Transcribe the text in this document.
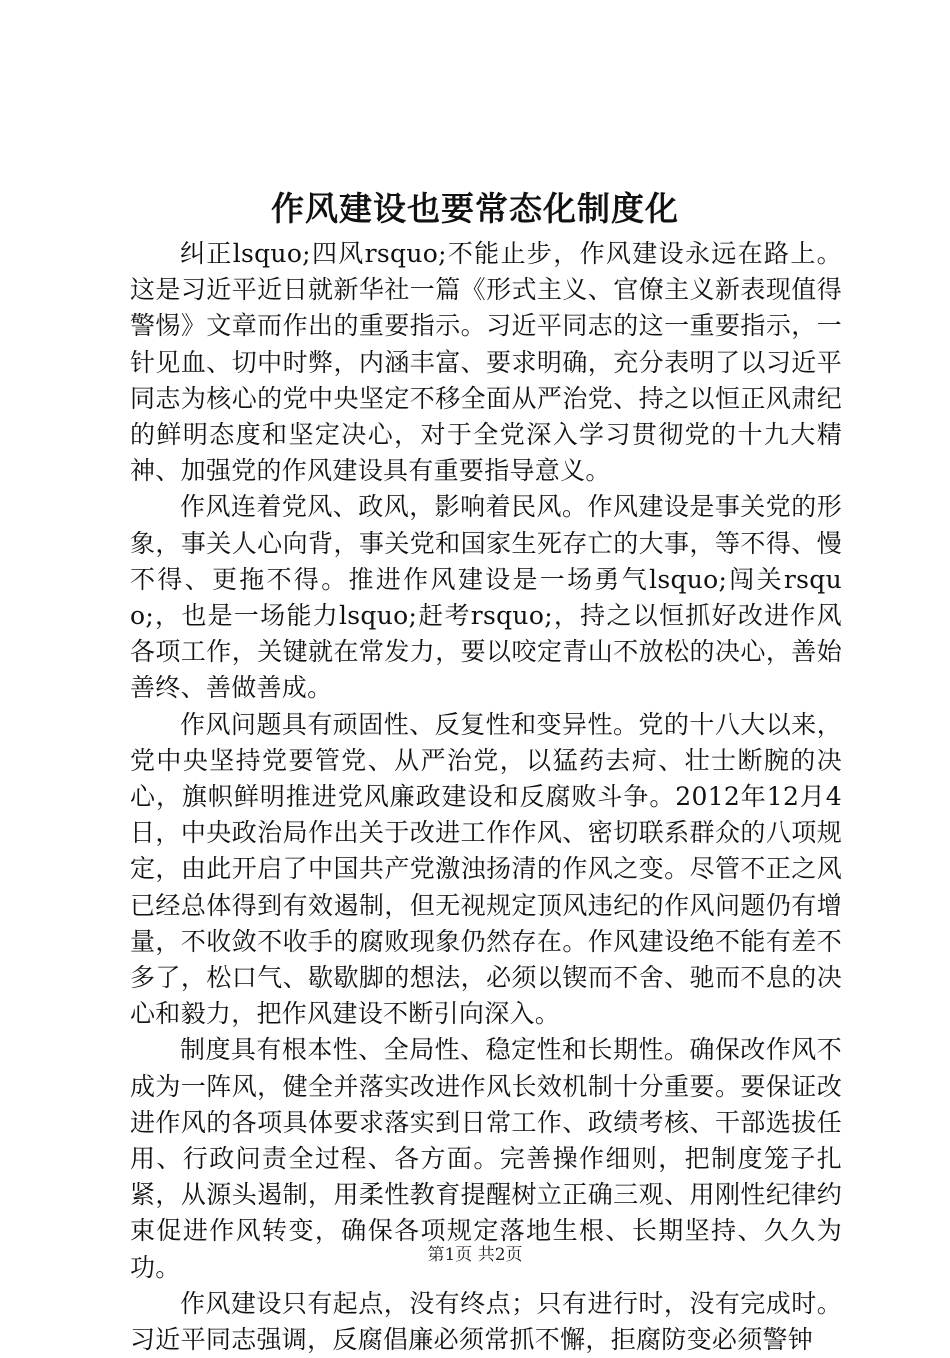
作风建设也要常态化制度化

纠正lsquo;四风rsquo;不能止步，作风建设永远在路上。这是习近平近日就新华社一篇《形式主义、官僚主义新表现值得警惕》文章而作出的重要指示。习近平同志的这一重要指示，一针见血、切中时弊，内涵丰富、要求明确，充分表明了以习近平同志为核心的党中央坚定不移全面从严治党、持之以恒正风肃纪的鲜明态度和坚定决心，对于全党深入学习贯彻党的十九大精神、加强党的作风建设具有重要指导意义。

作风连着党风、政风，影响着民风。作风建设是事关党的形象，事关人心向背，事关党和国家生死存亡的大事，等不得、慢不得、更拖不得。推进作风建设是一场勇气lsquo;闯关rsquo;，也是一场能力lsquo;赶考rsquo;，持之以恒抓好改进作风各项工作，关键就在常发力，要以咬定青山不放松的决心，善始善终、善做善成。

作风问题具有顽固性、反复性和变异性。党的十八大以来，党中央坚持党要管党、从严治党，以猛药去疴、壮士断腕的决心，旗帜鲜明推进党风廉政建设和反腐败斗争。2012年12月4日，中央政治局作出关于改进工作作风、密切联系群众的八项规定，由此开启了中国共产党激浊扬清的作风之变。尽管不正之风已经总体得到有效遏制，但无视规定顶风违纪的作风问题仍有增量，不收敛不收手的腐败现象仍然存在。作风建设绝不能有差不多了，松口气、歇歇脚的想法，必须以锲而不舍、驰而不息的决心和毅力，把作风建设不断引向深入。

制度具有根本性、全局性、稳定性和长期性。确保改作风不成为一阵风，健全并落实改进作风长效机制十分重要。要保证改进作风的各项具体要求落实到日常工作、政绩考核、干部选拔任用、行政问责全过程、各方面。完善操作细则，把制度笼子扎紧，从源头遏制，用柔性教育提醒树立正确三观、用刚性纪律约束促进作风转变，确保各项规定落地生根、长期坚持、久久为功。

作风建设只有起点，没有终点；只有进行时，没有完成时。习近平同志强调，反腐倡廉必须常抓不懈，拒腐防变必须警钟

第1页 共2页
